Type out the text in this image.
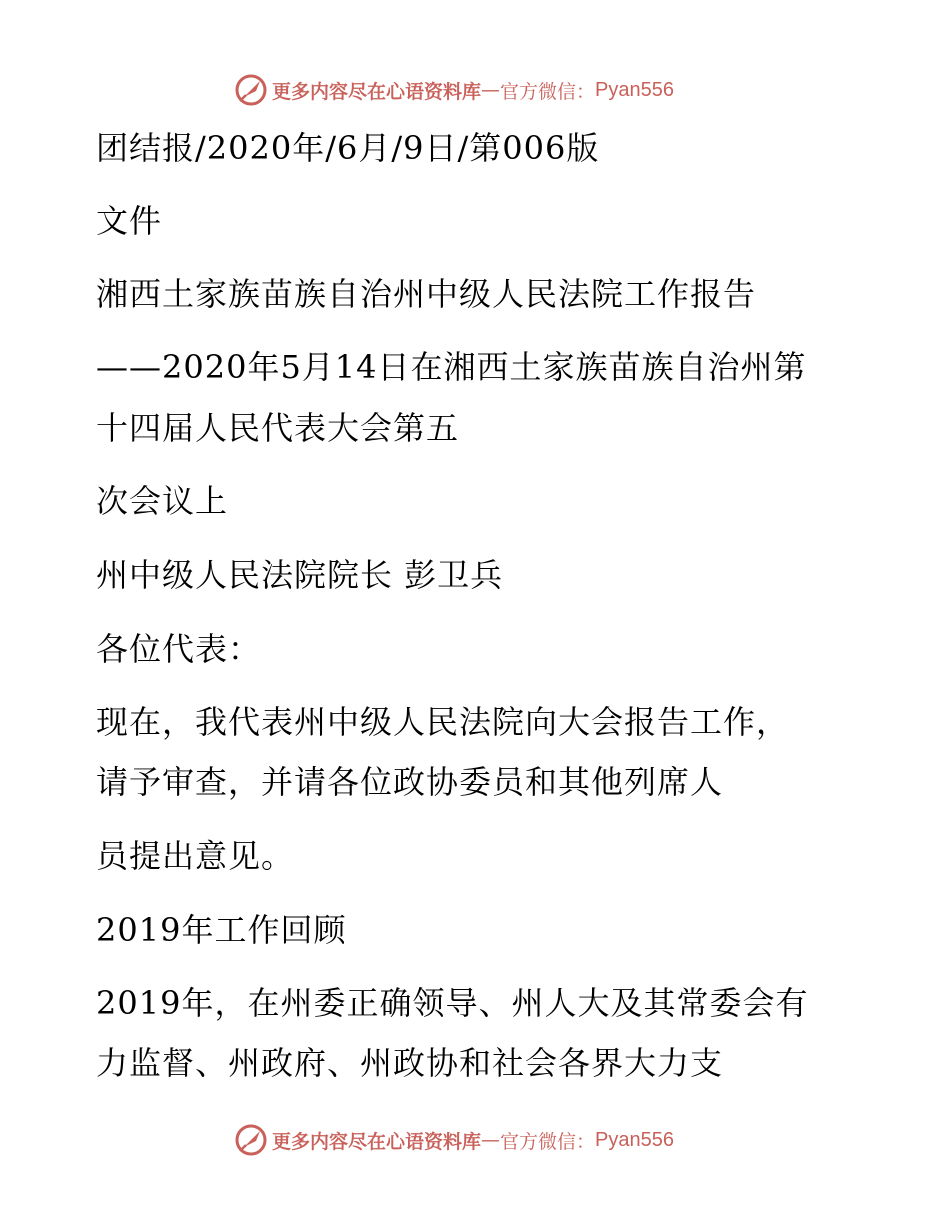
更多内容尽在心语资料库 — 官方微信： Pyan556
团结报/2020年/6月/9日/第006版
文件
湘西土家族苗族自治州中级人民法院工作报告
——2020年5月14日在湘西土家族苗族自治州第
十四届人民代表大会第五
次会议上
州中级人民法院院长 彭卫兵
各位代表：
现在，我代表州中级人民法院向大会报告工作，
请予审查，并请各位政协委员和其他列席人
员提出意见。
2019年工作回顾
2019年，在州委正确领导、州人大及其常委会有
力监督、州政府、州政协和社会各界大力支
更多内容尽在心语资料库 — 官方微信： Pyan556
